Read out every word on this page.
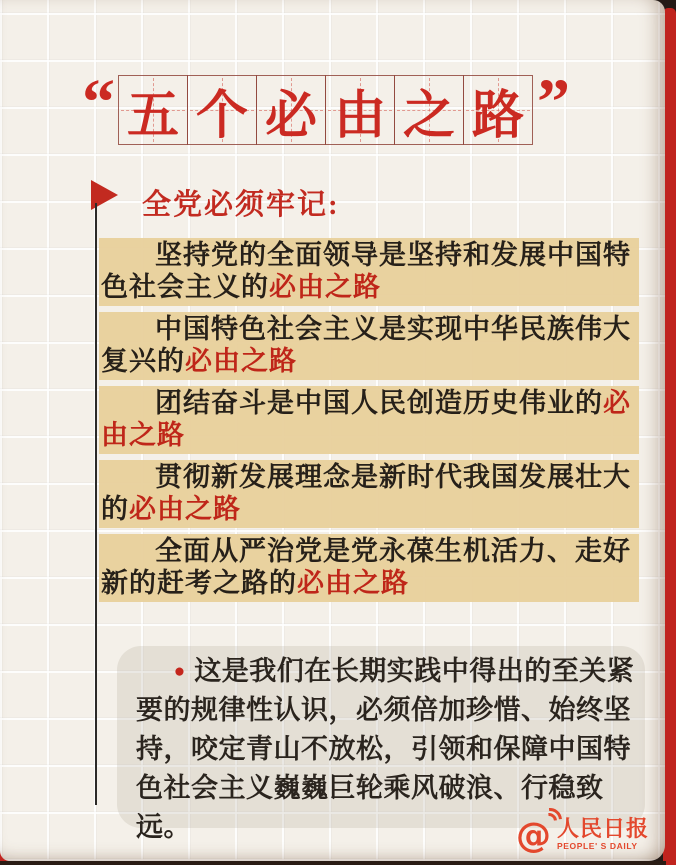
“ 五 个 必 由 之 路 ”
全党必须牢记:
坚持党的全面领导是坚持和发展中国特色社会主义的必由之路
中国特色社会主义是实现中华民族伟大复兴的必由之路
团结奋斗是中国人民创造历史伟业的必由之路
贯彻新发展理念是新时代我国发展壮大的必由之路
全面从严治党是党永葆生机活力、走好新的赶考之路的必由之路
● 这是我们在长期实践中得出的至关紧要的规律性认识，必须倍加珍惜、始终坚持，咬定青山不放松，引领和保障中国特色社会主义巍巍巨轮乘风破浪、行稳致远。	@ 人民日报
PEOPLE' S DAILY
